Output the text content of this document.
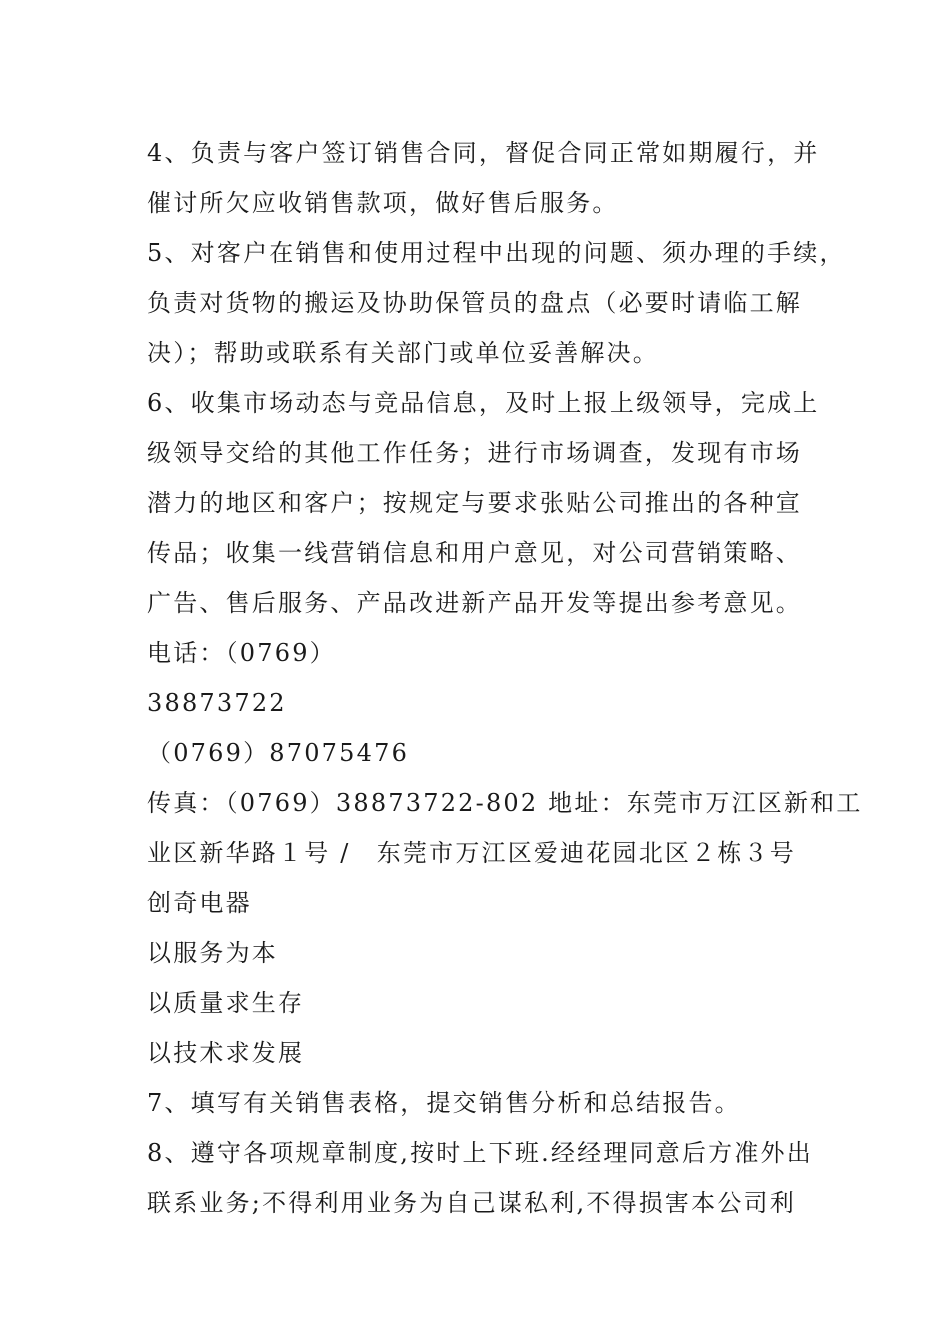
4、负责与客户签订销售合同，督促合同正常如期履行，并
催讨所欠应收销售款项，做好售后服务。
5、对客户在销售和使用过程中出现的问题、须办理的手续，
负责对货物的搬运及协助保管员的盘点（必要时请临工解
决）；帮助或联系有关部门或单位妥善解决。
6、收集市场动态与竞品信息，及时上报上级领导，完成上
级领导交给的其他工作任务；进行市场调查，发现有市场
潜力的地区和客户；按规定与要求张贴公司推出的各种宣
传品；收集一线营销信息和用户意见，对公司营销策略、
广告、售后服务、产品改进新产品开发等提出参考意见。
电话：（0769）
38873722
（0769）87075476
传真：（0769）38873722-802 地址：东莞市万江区新和工
业区新华路１号 /　东莞市万江区爱迪花园北区２栋３号
创奇电器
以服务为本
以质量求生存
以技术求发展
7、填写有关销售表格，提交销售分析和总结报告。
8、遵守各项规章制度,按时上下班.经经理同意后方准外出
联系业务;不得利用业务为自己谋私利,不得损害本公司利
